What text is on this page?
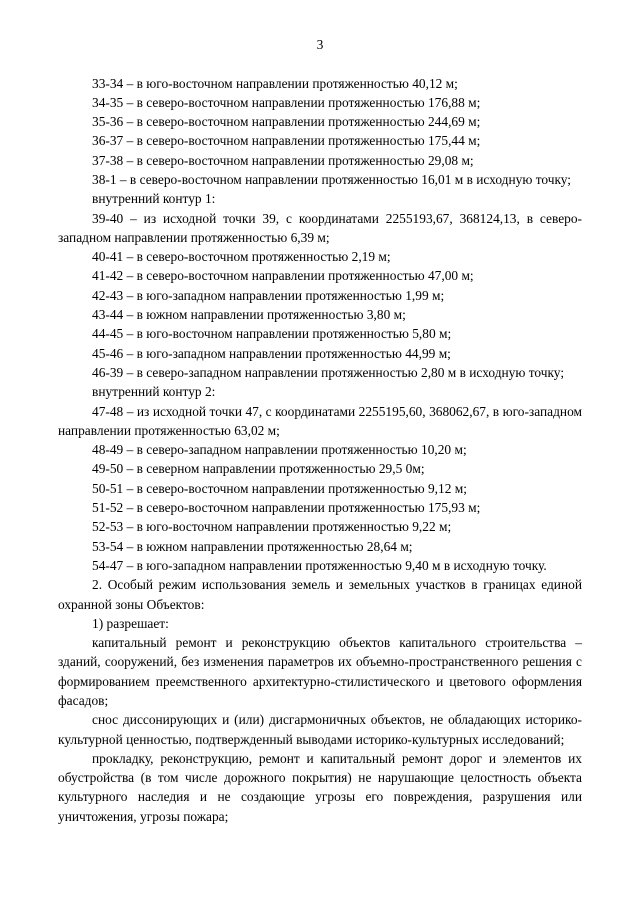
3

33-34 – в юго-восточном направлении протяженностью 40,12 м;

34-35 – в северо-восточном направлении протяженностью 176,88 м;

35-36 – в северо-восточном направлении протяженностью 244,69 м;

36-37 – в северо-восточном направлении протяженностью 175,44 м;

37-38 – в северо-восточном направлении протяженностью 29,08 м;

38-1 – в северо-восточном направлении протяженностью 16,01 м в исходную точку;

внутренний контур 1:

39-40 – из исходной точки 39, с координатами 2255193,67, 368124,13, в северо-западном направлении протяженностью 6,39 м;

40-41 – в северо-восточном протяженностью 2,19 м;

41-42 – в северо-восточном направлении протяженностью 47,00 м;

42-43 – в юго-западном направлении протяженностью 1,99 м;

43-44 – в южном направлении протяженностью 3,80 м;

44-45 – в юго-восточном направлении протяженностью 5,80 м;

45-46 – в юго-западном направлении протяженностью 44,99 м;

46-39 – в северо-западном направлении протяженностью 2,80 м в исходную точку;

внутренний контур 2:

47-48 – из исходной точки 47, с координатами 2255195,60, 368062,67, в юго-западном направлении протяженностью 63,02 м;

48-49 – в северо-западном направлении протяженностью 10,20 м;

49-50 – в северном направлении протяженностью 29,5 0м;

50-51 – в северо-восточном направлении протяженностью 9,12 м;

51-52 – в северо-восточном направлении протяженностью 175,93 м;

52-53 – в юго-восточном направлении протяженностью 9,22 м;

53-54 – в южном направлении протяженностью 28,64 м;

54-47 – в юго-западном направлении протяженностью 9,40 м в исходную точку.

2. Особый режим использования земель и земельных участков в границах единой охранной зоны Объектов:

1) разрешает:

капитальный ремонт и реконструкцию объектов капитального строительства – зданий, сооружений, без изменения параметров их объемно-пространственного решения с формированием преемственного архитектурно-стилистического и цветового оформления фасадов;

снос диссонирующих и (или) дисгармоничных объектов, не обладающих историко-культурной ценностью, подтвержденный выводами историко-культурных исследований;

прокладку, реконструкцию, ремонт и капитальный ремонт дорог и элементов их обустройства (в том числе дорожного покрытия) не нарушающие целостность объекта культурного наследия и не создающие угрозы его повреждения, разрушения или уничтожения, угрозы пожара;
